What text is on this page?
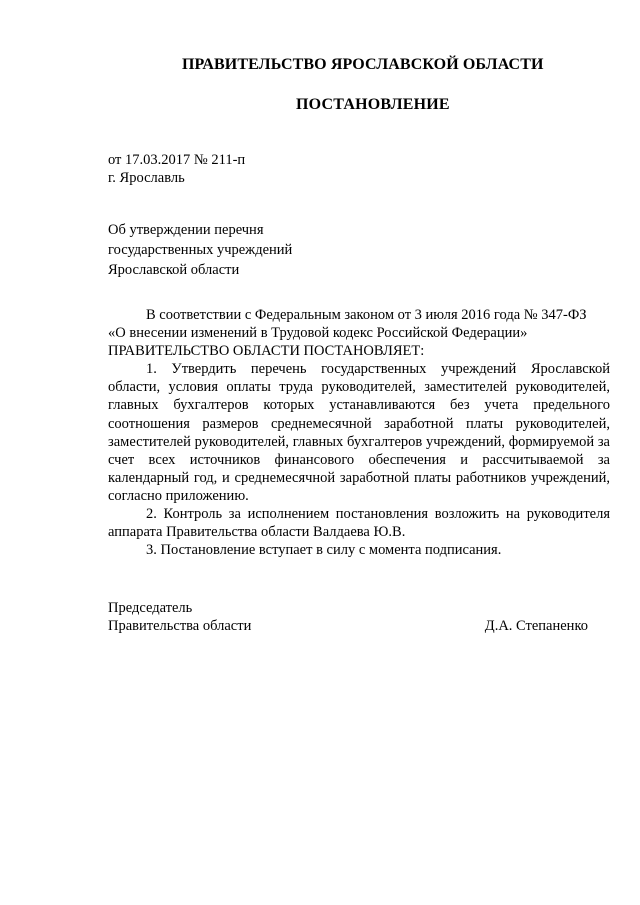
ПРАВИТЕЛЬСТВО ЯРОСЛАВСКОЙ ОБЛАСТИ
ПОСТАНОВЛЕНИЕ
от 17.03.2017 № 211-п
г. Ярославль
Об утверждении перечня
государственных учреждений
Ярославской области

В соответствии с Федеральным законом от 3 июля 2016 года № 347-ФЗ

«О внесении изменений в Трудовой кодекс Российской Федерации»

ПРАВИТЕЛЬСТВО ОБЛАСТИ ПОСТАНОВЛЯЕТ:

1. Утвердить перечень государственных учреждений Ярославской области, условия оплаты труда руководителей, заместителей руководителей, главных бухгалтеров которых устанавливаются без учета предельного соотношения размеров среднемесячной заработной платы руководителей, заместителей руководителей, главных бухгалтеров учреждений, формируемой за счет всех источников финансового обеспечения и рассчитываемой за календарный год, и среднемесячной заработной платы работников учреждений, согласно приложению.

2. Контроль за исполнением постановления возложить на руководителя аппарата Правительства области Валдаева Ю.В.

3. Постановление вступает в силу с момента подписания.

Председатель
Правительства области	Д.А. Степаненко
